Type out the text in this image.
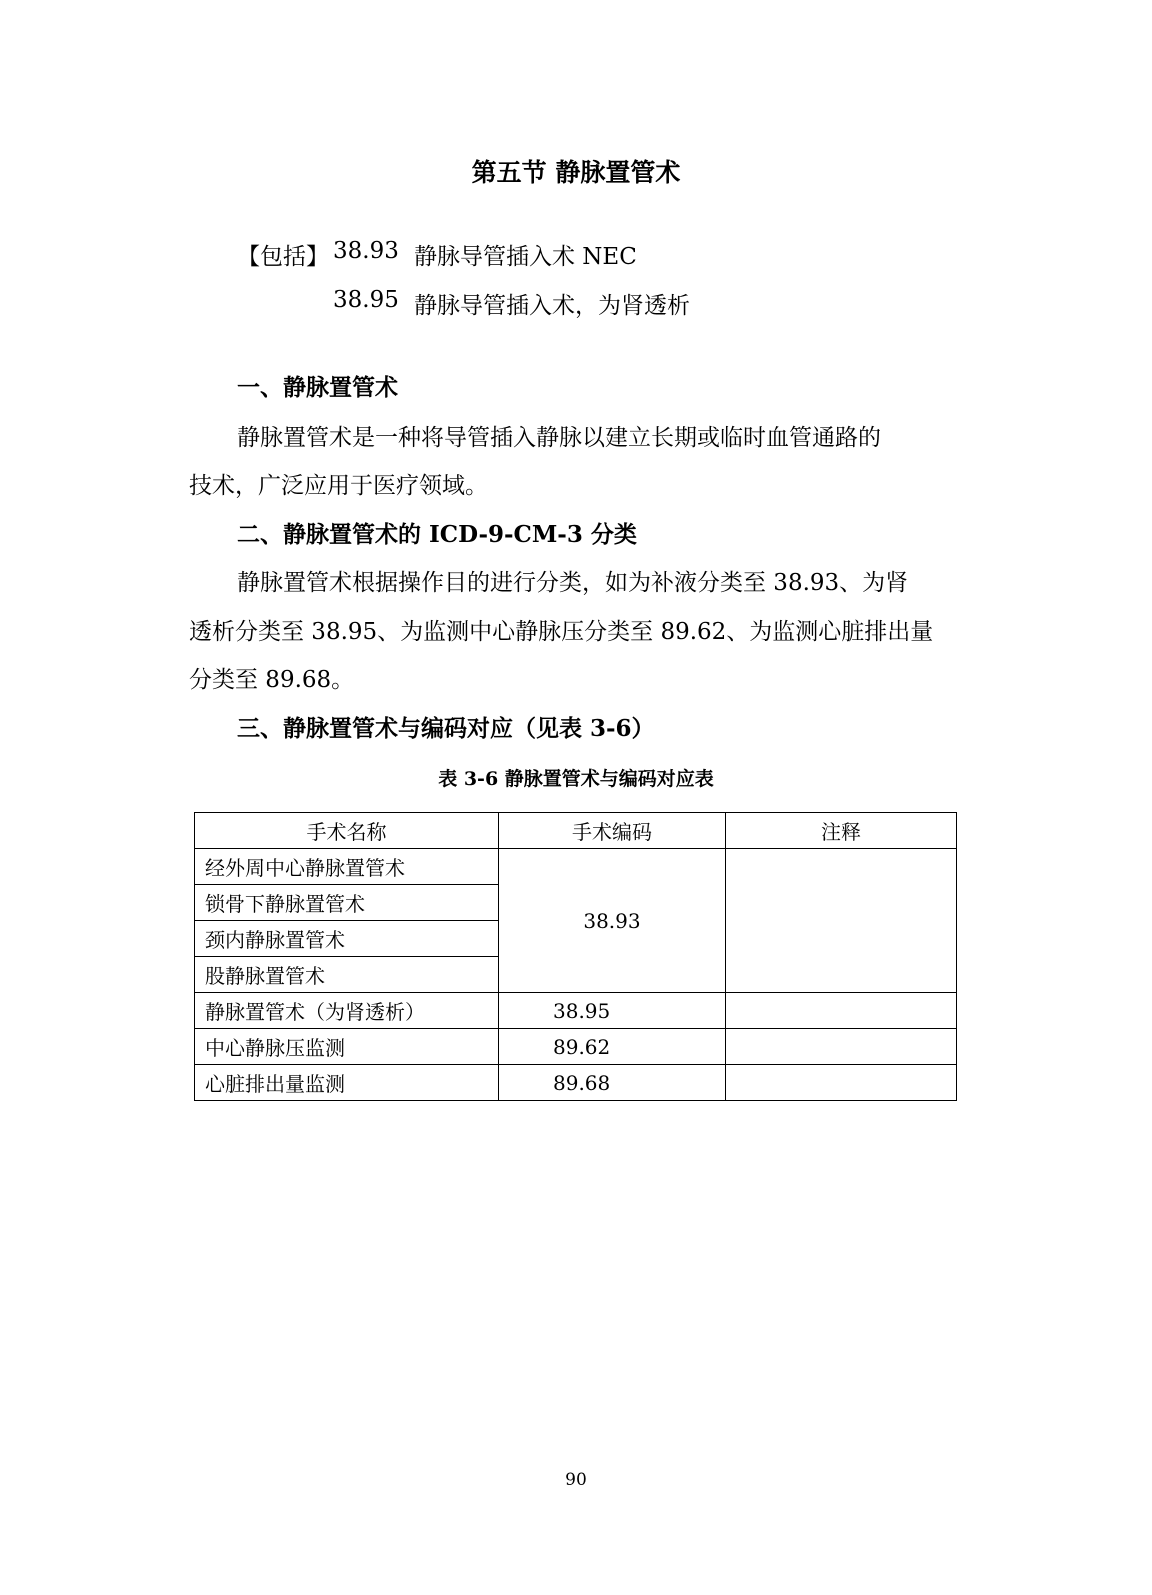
第五节 静脉置管术
【包括】 38.93 静脉导管插入术 NEC
38.95 静脉导管插入术，为肾透析
一、静脉置管术
静脉置管术是一种将导管插入静脉以建立长期或临时血管通路的
技术，广泛应用于医疗领域。
二、静脉置管术的 ICD-9-CM-3 分类
静脉置管术根据操作目的进行分类，如为补液分类至 38.93、为肾
透析分类至 38.95、为监测中心静脉压分类至 89.62、为监测心脏排出量
分类至 89.68。
三、静脉置管术与编码对应（见表 3-6）
表 3-6 静脉置管术与编码对应表
手术名称	手术编码	注释
经外周中心静脉置管术	38.93	
锁骨下静脉置管术		
颈内静脉置管术		
股静脉置管术		
静脉置管术（为肾透析）	38.95	
中心静脉压监测	89.62	
心脏排出量监测	89.68	
90
